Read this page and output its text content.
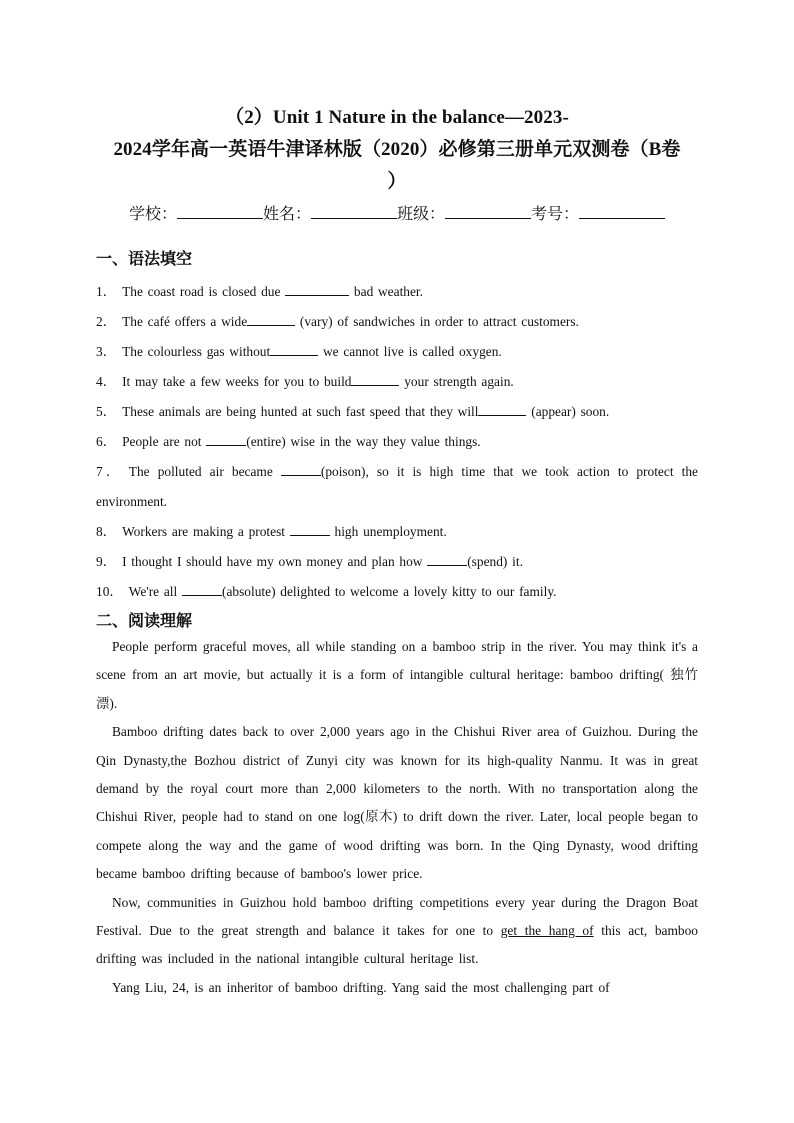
（2）Unit 1 Nature in the balance—2023-
2024学年高一英语牛津译林版（2020）必修第三册单元双测卷（B卷
）
学校：	姓名：	班级：	考号：
一、语法填空
1． The coast road is closed due	bad weather.
2． The café offers a wide	(vary) of sandwiches in order to attract customers.
3． The colourless gas without	we cannot live is called oxygen.
4． It may take a few weeks for you to build	your strength again.
5． These animals are being hunted at such fast speed that they will	(appear) soon.
6． People are not	(entire) wise in the way they value things.
7． The polluted air became	(poison), so it is high time that we took action to protect the environment.
8． Workers are making a protest	high unemployment.
9． I thought I should have my own money and plan how	(spend) it.
10． We're all	(absolute) delighted to welcome a lovely kitty to our family.
二、阅读理解

People perform graceful moves, all while standing on a bamboo strip in the river. You may think it's a scene from an art movie, but actually it is a form of intangible cultural heritage: bamboo drifting( 独竹漂).

Bamboo drifting dates back to over 2,000 years ago in the Chishui River area of Guizhou. During the Qin Dynasty,the Bozhou district of Zunyi city was known for its high-quality Nanmu. It was in great demand by the royal court more than 2,000 kilometers to the north. With no transportation along the Chishui River, people had to stand on one log(原木) to drift down the river. Later, local people began to compete along the way and the game of wood drifting was born. In the Qing Dynasty, wood drifting became bamboo drifting because of bamboo's lower price.

Now, communities in Guizhou hold bamboo drifting competitions every year during the Dragon Boat Festival. Due to the great strength and balance it takes for one to get the hang of this act, bamboo drifting was included in the national intangible cultural heritage list.

Yang Liu, 24, is an inheritor of bamboo drifting. Yang said the most challenging part of
